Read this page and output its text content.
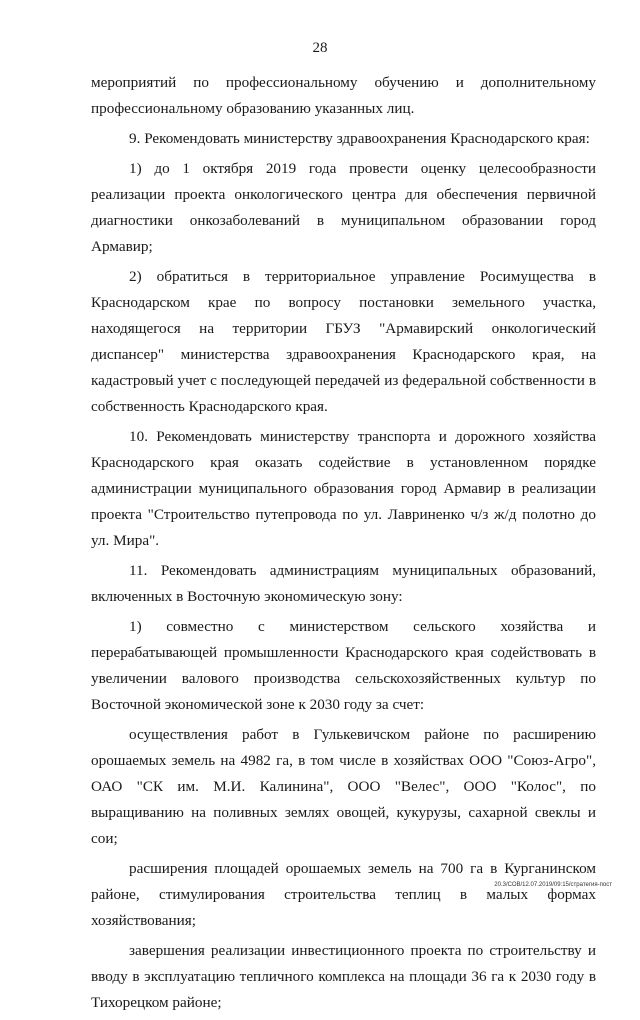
28

мероприятий по профессиональному обучению и дополнительному профессиональному образованию указанных лиц.

9. Рекомендовать министерству здравоохранения Краснодарского края:

1) до 1 октября 2019 года провести оценку целесообразности реализации проекта онкологического центра для обеспечения первичной диагностики онкозаболеваний в муниципальном образовании город Армавир;

2) обратиться в территориальное управление Росимущества в Краснодарском крае по вопросу постановки земельного участка, находящегося на территории ГБУЗ "Армавирский онкологический диспансер" министерства здравоохранения Краснодарского края, на кадастровый учет с последующей передачей из федеральной собственности в собственность Краснодарского края.

10. Рекомендовать министерству транспорта и дорожного хозяйства Краснодарского края оказать содействие в установленном порядке администрации муниципального образования город Армавир в реализации проекта "Строительство путепровода по ул. Лавриненко ч/з ж/д полотно до ул. Мира".

11. Рекомендовать администрациям муниципальных образований, включенных в Восточную экономическую зону:

1) совместно с министерством сельского хозяйства и перерабатывающей промышленности Краснодарского края содействовать в увеличении валового производства сельскохозяйственных культур по Восточной экономической зоне к 2030 году за счет:

осуществления работ в Гулькевичском районе по расширению орошаемых земель на 4982 га, в том числе в хозяйствах ООО "Союз-Агро", ОАО "СК им. М.И. Калинина", ООО "Велес", ООО "Колос", по выращиванию на поливных землях овощей, кукурузы, сахарной свеклы и сои;

расширения площадей орошаемых земель на 700 га в Курганинском районе, стимулирования строительства теплиц в малых формах хозяйствования;

завершения реализации инвестиционного проекта по строительству и вводу в эксплуатацию тепличного комплекса на площади 36 га к 2030 году в Тихорецком районе;

20.3/СОВ/12.07.2019/09:15/стратегия-пост
